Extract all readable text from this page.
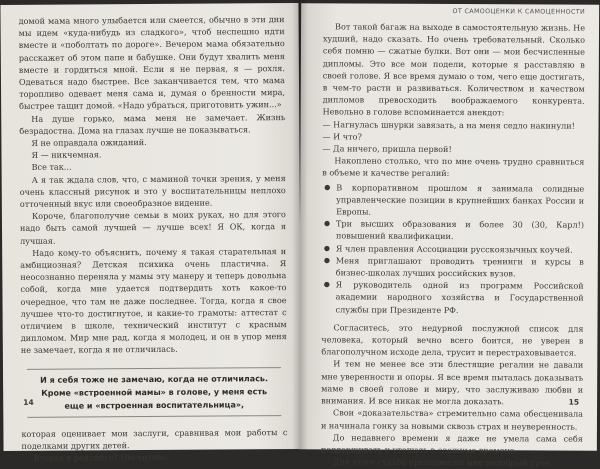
домой мама много улыбается или смеется, обычно в эти дни мы идем «куда-нибудь из сладкого», чтоб неспешно идти вместе и «поболтать по дороге». Вечером мама обязательно расскажет об этом папе и бабушке. Они будут хвалить меня вместе и гордиться мной. Если я не первая, я — рохля. Одеваться надо быстрее. Все заканчивается тем, что мама торопливо одевает меня сама и, думая о бренности мира, быстрее тащит домой. «Надо убраться, приготовить ужин...»

На душе горько, мама меня не замечает. Жизнь безрадостна. Дома на глазах лучше не показываться.

Я не оправдала ожиданий.

Я — никчемная.

Все так...

А я так ждала слов, что, с маминой точки зрения, у меня очень классный рисунок и это у воспитательницы неплохо отточенный вкус или своеобразное видение.

Короче, благополучие семьи в моих руках, но для этого надо быть самой лучшей — лучше всех! Я ОК, когда я лучшая.

Надо кому-то объяснить, почему я такая старательная и амбициозная? Детская психика очень пластична. Я неосознанно переняла у мамы эту манеру и теперь довольна собой, когда мне удается подтвердить хоть какое-то очередное, что там не даже последнее. Тогда, когда я свое лучшее что-то достигнутое, и какие-то грамоты: аттестат с отличием в школе, технический институт с красным дипломом. Мир мне рад, когда я молодец, и он в упор меня не замечает, когда я не отличилась.

И я себя тоже не замечаю, когда не отличилась.
Кроме «встроенной мамы» в голове, у меня есть
еще и «встроенная воспитательница»,

которая оценивает мои заслуги, сравнивая мои работы с поделками других детей.

Вторая в рейтинге? Несчитово.

14
ОТ САМООЦЕНКИ К САМОЦЕННОСТИ

Вот такой багаж на выходе в самостоятельную жизнь. Не худший, надо сказать. Но очень требовательный. Сколько себя помню — сжатые булки. Вот они — мои бесчисленные дипломы. Это все мои подели, которые я расставляю в своей голове. Я все время думаю о том, чего еще достигать, в чем-то расти и развиваться. Количеством и качеством дипломов превосходить воображаемого конкурента. Невольно в голове вспоминается анекдот:

— Нагнулась шнурки завязать, а на меня седло накинули!

— И что?

— Да ничего, пришла первой!

Накоплено столько, что по мне очень трудно сравниться в объеме и качестве регалий:

● В корпоративном прошлом я занимала солидные управленческие позиции в крупнейших банках России и Европы.
● Три высших образования и более 30 (30, Карл!) повышений квалификации.
● Я член правления Ассоциации русскоязычных коучей.
● Меня приглашают проводить тренинги и курсы в бизнес-школах лучших российских вузов.
● Я руководитель одной из программ Российской академии народного хозяйства и Государственной службы при Президенте РФ.

Согласитесь, это недурной послужной список для человека, который вечно всего боится, не уверен в благополучном исходе дела, трусит и перестраховывается.

И тем не менее все эти блестящие регалии не давали мне уверенности и опоры. Я все время пыталась доказывать маме в своей голове и миру, что заслуживаю любви и внимания. И все никак не могла доказать.

Свои «доказательства» стремительно сама обесценивала и начинала гонку за новыми сквозь страх и неуверенность.

До недавнего времени я даже не умела сама себя поддерживать и утешать в сложные времена.

Для этого судьба преподнесла мне недобрый урок.

15
